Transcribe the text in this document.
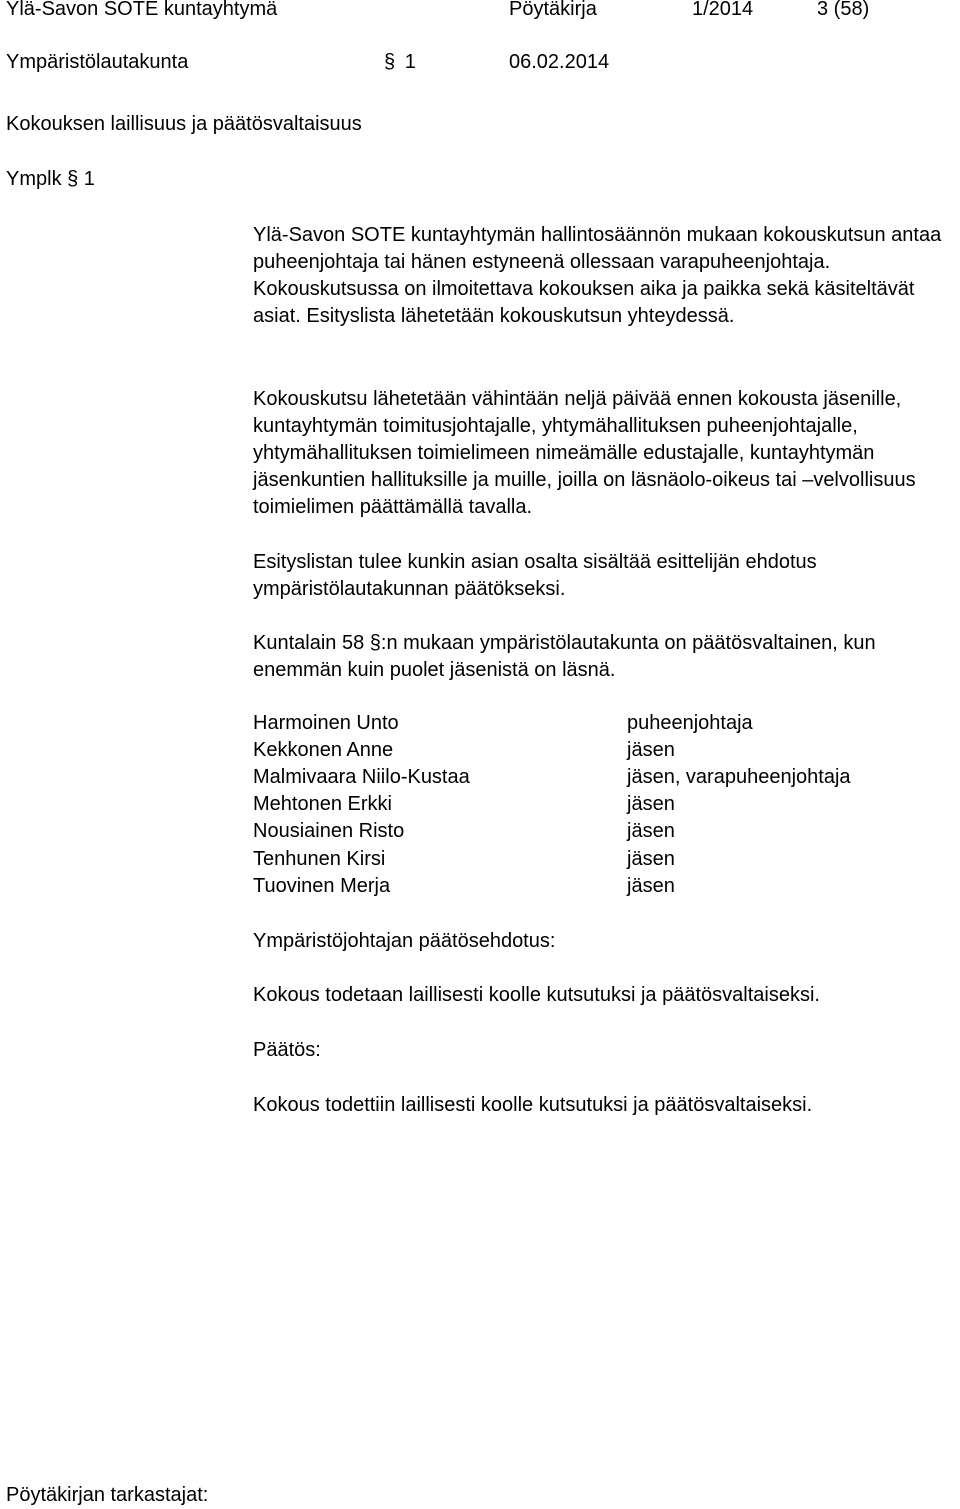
Ylä-Savon SOTE kuntayhtymä	Pöytäkirja	1/2014	3 (58)
Ympäristölautakunta	§ 1	06.02.2014
Kokouksen laillisuus ja päätösvaltaisuus
Ymplk § 1

Ylä-Savon SOTE kuntayhtymän hallintosäännön mukaan kokouskutsun antaa puheenjohtaja tai hänen estyneenä ollessaan varapuheenjohtaja. Kokouskutsussa on ilmoitettava kokouksen aika ja paikka sekä käsiteltävät asiat. Esityslista lähetetään kokouskutsun yhteydessä.

Kokouskutsu lähetetään vähintään neljä päivää ennen kokousta jäsenille, kuntayhtymän toimitusjohtajalle, yhtymähallituksen puheenjohtajalle, yhtymähallituksen toimielimeen nimeämälle edustajalle, kuntayhtymän jäsenkuntien hallituksille ja muille, joilla on läsnäolo-oikeus tai –velvollisuus toimielimen päättämällä tavalla.

Esityslistan tulee kunkin asian osalta sisältää esittelijän ehdotus ympäristölautakunnan päätökseksi.

Kuntalain 58 §:n mukaan ympäristölautakunta on päätösvaltainen, kun enemmän kuin puolet jäsenistä on läsnä.

Harmoinen Unto	puheenjohtaja
Kekkonen Anne	jäsen
Malmivaara Niilo-Kustaa	jäsen, varapuheenjohtaja
Mehtonen Erkki	jäsen
Nousiainen Risto	jäsen
Tenhunen Kirsi	jäsen
Tuovinen Merja	jäsen
Ympäristöjohtajan päätösehdotus:
Kokous todetaan laillisesti koolle kutsutuksi ja päätösvaltaiseksi.
Päätös:
Kokous todettiin laillisesti koolle kutsutuksi ja päätösvaltaiseksi.
Pöytäkirjan tarkastajat:
